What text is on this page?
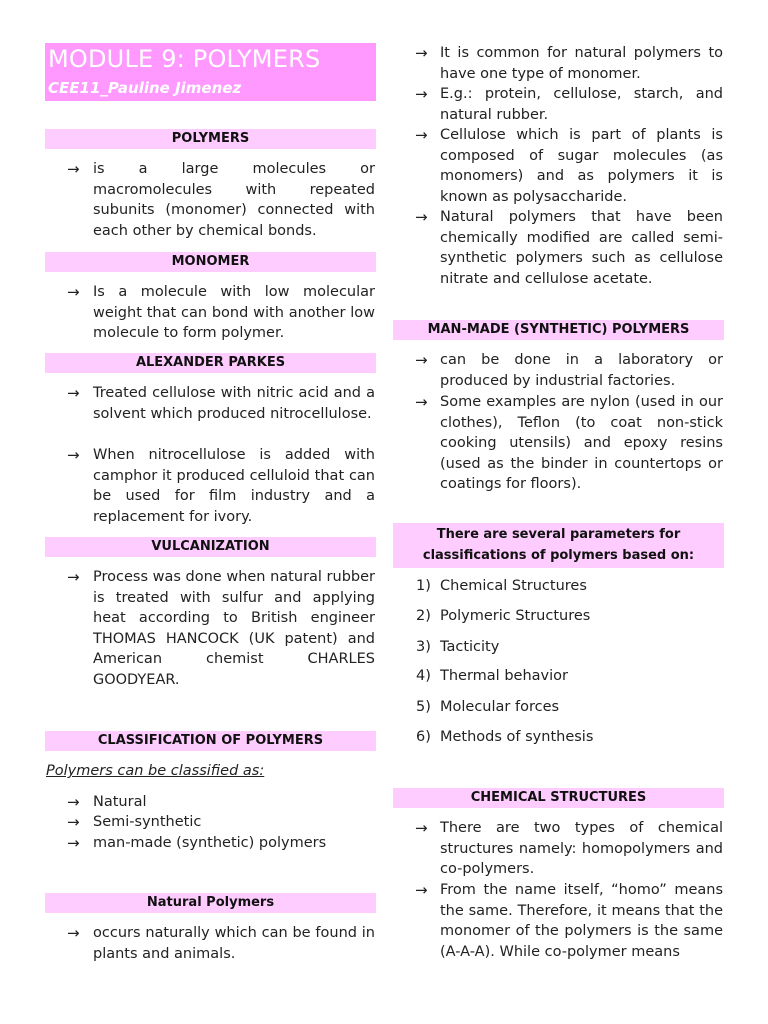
MODULE 9: POLYMERS
CEE11_Pauline Jimenez
POLYMERS
→ is a large molecules or macromolecules with repeated subunits (monomer) connected with each other by chemical bonds.
MONOMER
→ Is a molecule with low molecular weight that can bond with another low molecule to form polymer.
ALEXANDER PARKES
→ Treated cellulose with nitric acid and a solvent which produced nitrocellulose.
→ When nitrocellulose is added with camphor it produced celluloid that can be used for film industry and a replacement for ivory.
VULCANIZATION
→ Process was done when natural rubber is treated with sulfur and applying heat according to British engineer THOMAS HANCOCK (UK patent) and American chemist CHARLES GOODYEAR.
CLASSIFICATION OF POLYMERS
Polymers can be classified as:
→ Natural
→ Semi-synthetic
→ man-made (synthetic) polymers
Natural Polymers
→ occurs naturally which can be found in plants and animals.
→ It is common for natural polymers to have one type of monomer.
→ E.g.: protein, cellulose, starch, and natural rubber.
→ Cellulose which is part of plants is composed of sugar molecules (as monomers) and as polymers it is known as polysaccharide.
→ Natural polymers that have been chemically modified are called semi-synthetic polymers such as cellulose nitrate and cellulose acetate.
MAN-MADE (SYNTHETIC) POLYMERS
→ can be done in a laboratory or produced by industrial factories.
→ Some examples are nylon (used in our clothes), Teflon (to coat non-stick cooking utensils) and epoxy resins (used as the binder in countertops or coatings for floors).
There are several parameters for
classifications of polymers based on:
1) Chemical Structures
2) Polymeric Structures
3) Tacticity
4) Thermal behavior
5) Molecular forces
6) Methods of synthesis
CHEMICAL STRUCTURES
→ There are two types of chemical structures namely: homopolymers and co-polymers.
→ From the name itself, “homo” means the same. Therefore, it means that the monomer of the polymers is the same (A-A-A). While co-polymer means
